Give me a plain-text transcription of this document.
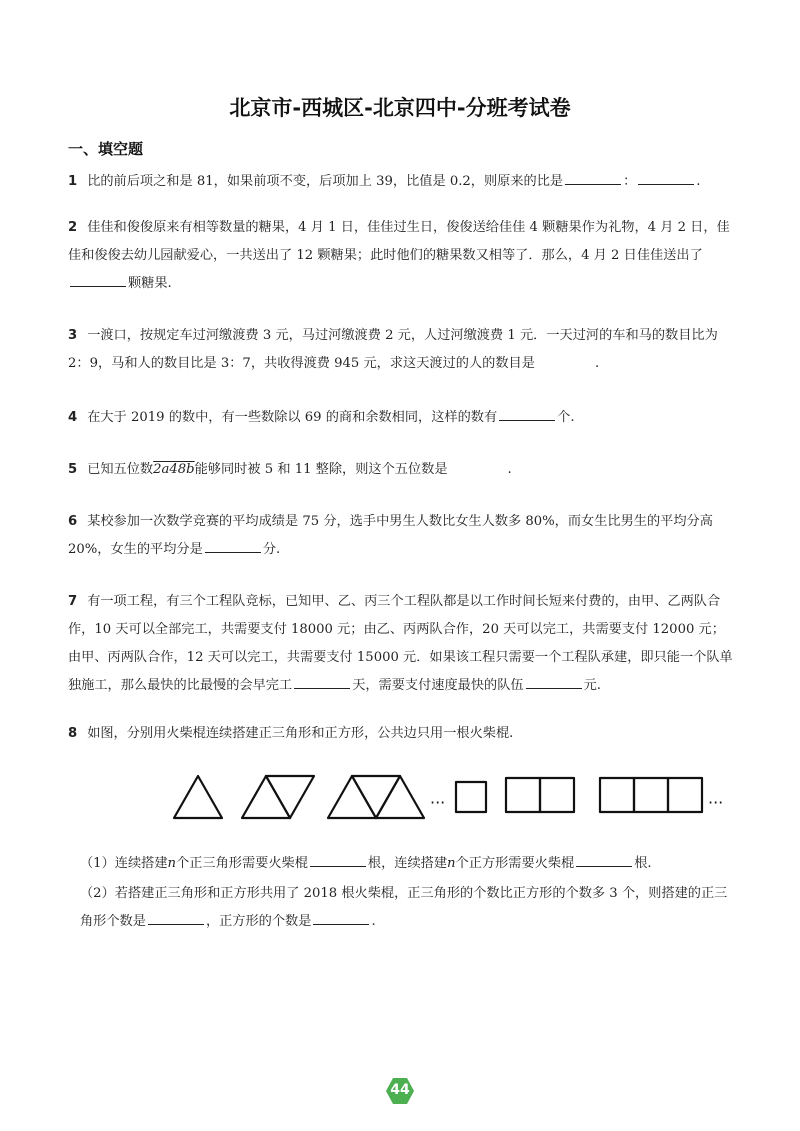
北京市-西城区-北京四中-分班考试卷
一、填空题
1 比的前后项之和是 81，如果前项不变，后项加上 39，比值是 0.2，则原来的比是	：	.
2 佳佳和俊俊原来有相等数量的糖果，4 月 1 日，佳佳过生日，俊俊送给佳佳 4 颗糖果作为礼物，4 月 2 日，佳佳和俊俊去幼儿园献爱心，一共送出了 12 颗糖果；此时他们的糖果数又相等了．那么，4 月 2 日佳佳送出了颗糖果.
3 一渡口，按规定车过河缴渡费 3 元，马过河缴渡费 2 元，人过河缴渡费 1 元．一天过河的车和马的数目比为 2：9，马和人的数目比是 3：7，共收得渡费 945 元，求这天渡过的人的数目是	.
4 在大于 2019 的数中，有一些数除以 69 的商和余数相同，这样的数有	个.
5 已知五位数2a48b能够同时被 5 和 11 整除，则这个五位数是	.
6 某校参加一次数学竞赛的平均成绩是 75 分，选手中男生人数比女生人数多 80%，而女生比男生的平均分高 20%，女生的平均分是	分.
7 有一项工程，有三个工程队竞标，已知甲、乙、丙三个工程队都是以工作时间长短来付费的，由甲、乙两队合作，10 天可以全部完工，共需要支付 18000 元；由乙、丙两队合作，20 天可以完工，共需要支付 12000 元；由甲、丙两队合作，12 天可以完工，共需要支付 15000 元．如果该工程只需要一个工程队承建，即只能一个队单独施工，那么最快的比最慢的会早完工	天，需要支付速度最快的队伍	元.
8 如图，分别用火柴棍连续搭建正三角形和正方形，公共边只用一根火柴棍.
···	···
（1）连续搭建n个正三角形需要火柴棍	根，连续搭建n个正方形需要火柴棍	根.
（2）若搭建正三角形和正方形共用了 2018 根火柴棍，正三角形的个数比正方形的个数多 3 个，则搭建的正三角形个数是	，正方形的个数是	.
44
